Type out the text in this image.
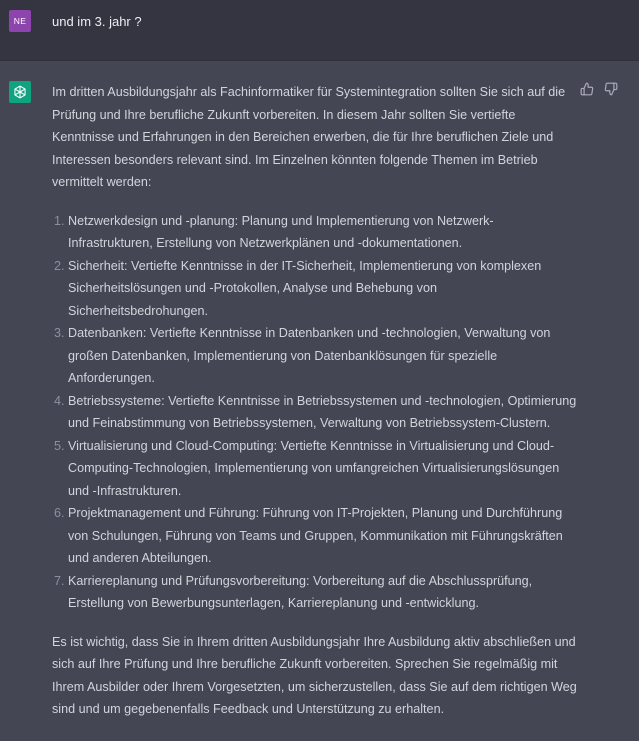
NE	und im 3. jahr ?

Im dritten Ausbildungsjahr als Fachinformatiker für Systemintegration sollten Sie sich auf die Prüfung und Ihre berufliche Zukunft vorbereiten. In diesem Jahr sollten Sie vertiefte Kenntnisse und Erfahrungen in den Bereichen erwerben, die für Ihre beruflichen Ziele und Interessen besonders relevant sind. Im Einzelnen könnten folgende Themen im Betrieb vermittelt werden:

1. Netzwerkdesign und -planung: Planung und Implementierung von Netzwerk-Infrastrukturen, Erstellung von Netzwerkplänen und -dokumentationen.
2. Sicherheit: Vertiefte Kenntnisse in der IT-Sicherheit, Implementierung von komplexen Sicherheitslösungen und -Protokollen, Analyse und Behebung von Sicherheitsbedrohungen.
3. Datenbanken: Vertiefte Kenntnisse in Datenbanken und -technologien, Verwaltung von großen Datenbanken, Implementierung von Datenbanklösungen für spezielle Anforderungen.
4. Betriebssysteme: Vertiefte Kenntnisse in Betriebssystemen und -technologien, Optimierung und Feinabstimmung von Betriebssystemen, Verwaltung von Betriebssystem-Clustern.
5. Virtualisierung und Cloud-Computing: Vertiefte Kenntnisse in Virtualisierung und Cloud-Computing-Technologien, Implementierung von umfangreichen Virtualisierungslösungen und -Infrastrukturen.
6. Projektmanagement und Führung: Führung von IT-Projekten, Planung und Durchführung von Schulungen, Führung von Teams und Gruppen, Kommunikation mit Führungskräften und anderen Abteilungen.
7. Karriereplanung und Prüfungsvorbereitung: Vorbereitung auf die Abschlussprüfung, Erstellung von Bewerbungsunterlagen, Karriereplanung und -entwicklung.

Es ist wichtig, dass Sie in Ihrem dritten Ausbildungsjahr Ihre Ausbildung aktiv abschließen und sich auf Ihre Prüfung und Ihre berufliche Zukunft vorbereiten. Sprechen Sie regelmäßig mit Ihrem Ausbilder oder Ihrem Vorgesetzten, um sicherzustellen, dass Sie auf dem richtigen Weg sind und um gegebenenfalls Feedback und Unterstützung zu erhalten.
